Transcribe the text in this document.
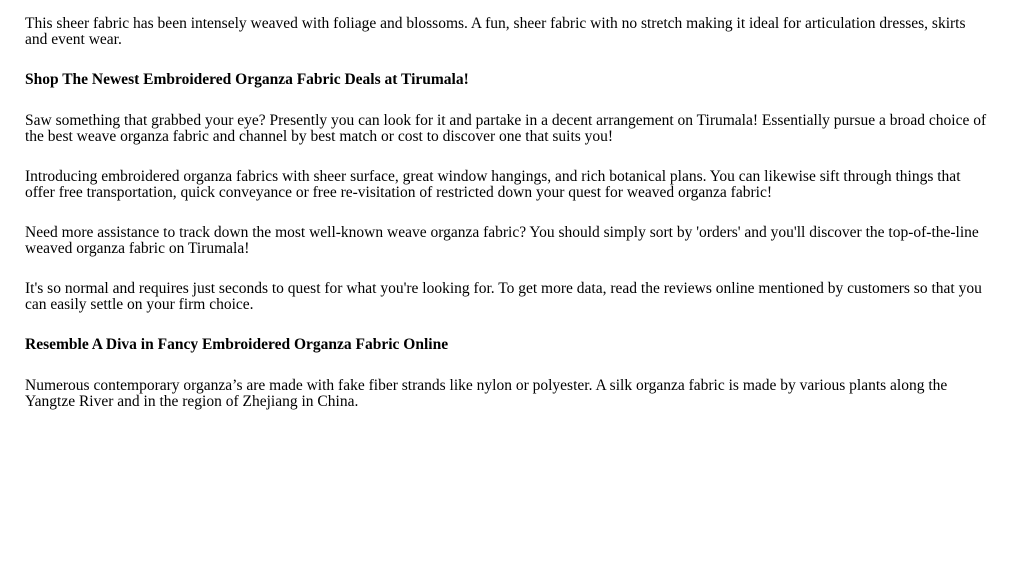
This sheer fabric has been intensely weaved with foliage and blossoms. A fun, sheer fabric with no stretch making it ideal for articulation dresses, skirts and event wear.

Shop The Newest Embroidered Organza Fabric Deals at Tirumala!

Saw something that grabbed your eye? Presently you can look for it and partake in a decent arrangement on Tirumala! Essentially pursue a broad choice of the best weave organza fabric and channel by best match or cost to discover one that suits you!

Introducing embroidered organza fabrics with sheer surface, great window hangings, and rich botanical plans. You can likewise sift through things that offer free transportation, quick conveyance or free re-visitation of restricted down your quest for weaved organza fabric!

Need more assistance to track down the most well-known weave organza fabric? You should simply sort by 'orders' and you'll discover the top-of-the-line weaved organza fabric on Tirumala!

It's so normal and requires just seconds to quest for what you're looking for. To get more data, read the reviews online mentioned by customers so that you can easily settle on your firm choice.

Resemble A Diva in Fancy Embroidered Organza Fabric Online

Numerous contemporary organza’s are made with fake fiber strands like nylon or polyester. A silk organza fabric is made by various plants along the Yangtze River and in the region of Zhejiang in China.
